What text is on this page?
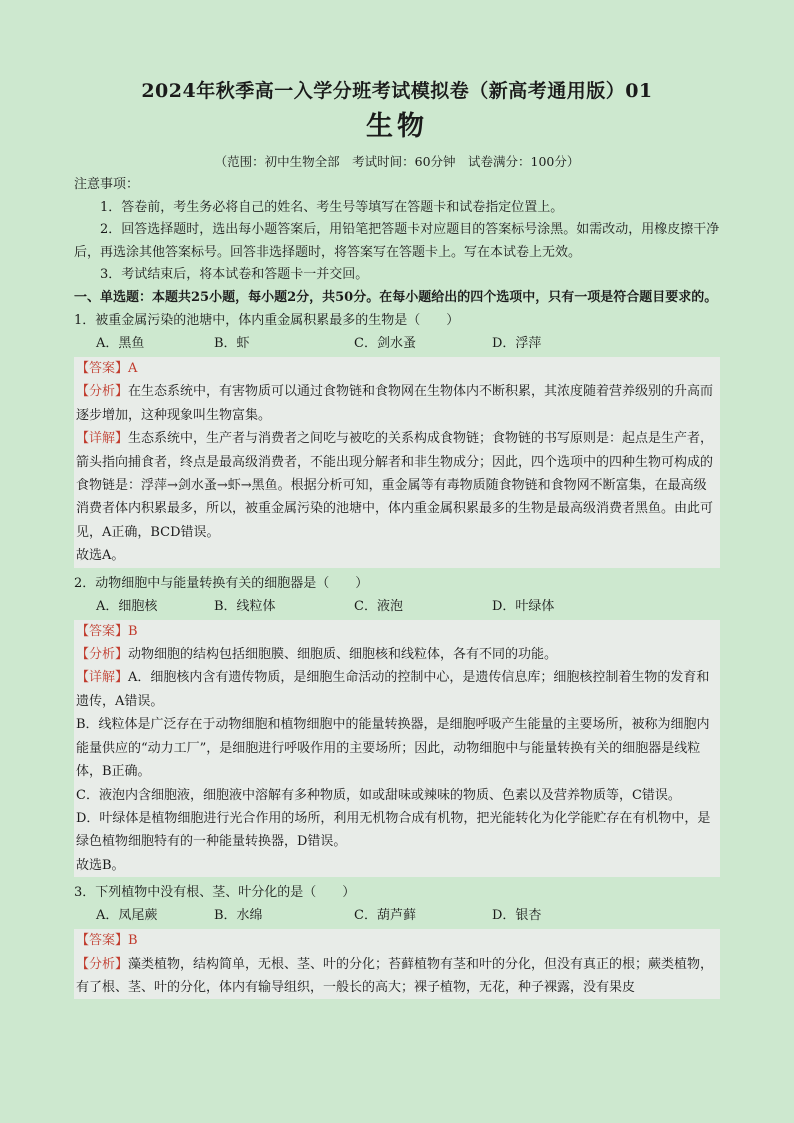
2024年秋季高一入学分班考试模拟卷（新高考通用版）01
生物
（范围：初中生物全部　考试时间：60分钟　试卷满分：100分）

注意事项：

1．答卷前，考生务必将自己的姓名、考生号等填写在答题卡和试卷指定位置上。

2．回答选择题时，选出每小题答案后，用铅笔把答题卡对应题目的答案标号涂黑。如需改动，用橡皮擦干净后，再选涂其他答案标号。回答非选择题时，将答案写在答题卡上。写在本试卷上无效。

3．考试结束后，将本试卷和答题卡一并交回。

一、单选题：本题共25小题，每小题2分，共50分。在每小题给出的四个选项中，只有一项是符合题目要求的。

1．被重金属污染的池塘中，体内重金属积累最多的生物是（　　）

A．黑鱼	B．虾	C．剑水蚤	D．浮萍

【答案】A

【分析】在生态系统中，有害物质可以通过食物链和食物网在生物体内不断积累，其浓度随着营养级别的升高而逐步增加，这种现象叫生物富集。

【详解】生态系统中，生产者与消费者之间吃与被吃的关系构成食物链；食物链的书写原则是：起点是生产者，箭头指向捕食者，终点是最高级消费者，不能出现分解者和非生物成分；因此，四个选项中的四种生物可构成的食物链是：浮萍→剑水蚤→虾→黑鱼。根据分析可知，重金属等有毒物质随食物链和食物网不断富集，在最高级消费者体内积累最多，所以，被重金属污染的池塘中，体内重金属积累最多的生物是最高级消费者黑鱼。由此可见，A正确，BCD错误。

故选A。

2．动物细胞中与能量转换有关的细胞器是（　　）

A．细胞核	B．线粒体	C．液泡	D．叶绿体

【答案】B

【分析】动物细胞的结构包括细胞膜、细胞质、细胞核和线粒体，各有不同的功能。

【详解】A．细胞核内含有遗传物质，是细胞生命活动的控制中心，是遗传信息库；细胞核控制着生物的发育和遗传，A错误。

B．线粒体是广泛存在于动物细胞和植物细胞中的能量转换器，是细胞呼吸产生能量的主要场所，被称为细胞内能量供应的“动力工厂”，是细胞进行呼吸作用的主要场所；因此，动物细胞中与能量转换有关的细胞器是线粒体，B正确。

C．液泡内含细胞液，细胞液中溶解有多种物质，如或甜味或辣味的物质、色素以及营养物质等，C错误。

D．叶绿体是植物细胞进行光合作用的场所，利用无机物合成有机物，把光能转化为化学能贮存在有机物中，是绿色植物细胞特有的一种能量转换器，D错误。

故选B。

3．下列植物中没有根、茎、叶分化的是（　　）

A．凤尾蕨	B．水绵	C．葫芦藓	D．银杏

【答案】B

【分析】藻类植物，结构简单，无根、茎、叶的分化；苔藓植物有茎和叶的分化，但没有真正的根；蕨类植物，有了根、茎、叶的分化，体内有输导组织，一般长的高大；裸子植物，无花，种子裸露，没有果皮
